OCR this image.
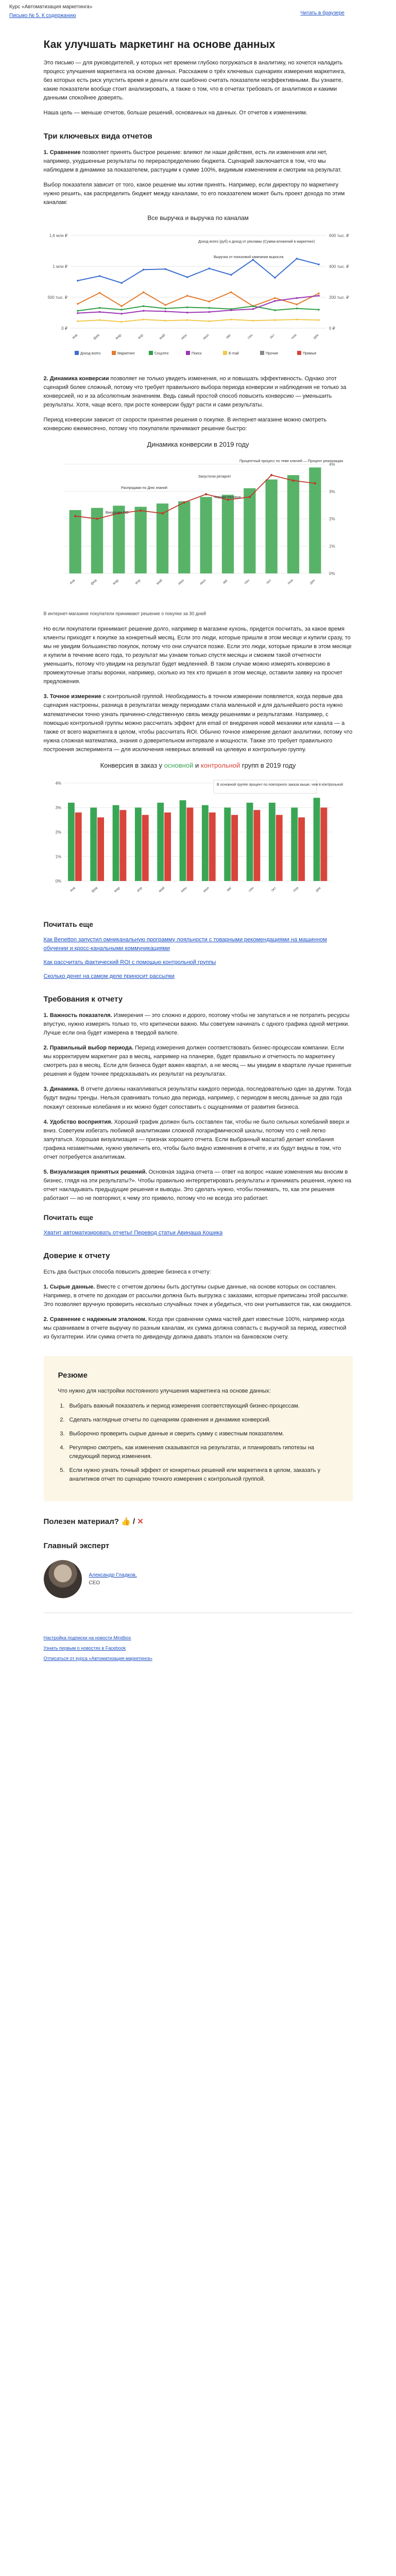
Курс «Автоматизация маркетинга»
Письмо № 5. К содержанию	Читать в браузере
Как улучшать маркетинг на основе данных

Это письмо — для руководителей, у которых нет времени глубоко погружаться в аналитику, но хочется наладить процесс улучшения маркетинга на основе данных. Расскажем о трёх ключевых сценариях измерения маркетинга, без которых есть риск упустить время и деньги или ошибочно считать показатели неэффективными. Вы узнаете, какие показатели вообще стоит анализировать, а также о том, что в отчетах требовать от аналитиков и какими данными спокойнее доверять.

Наша цель — меньше отчетов, больше решений, основанных на данных. От отчетов к изменениям.

Три ключевых вида отчетов

1. Сравнение позволяет принять быстрое решение: влияют ли наши действия, есть ли изменения или нет, например, ухудшенные результаты по перераспределению бюджета. Сценарий заключается в том, что мы наблюдаем в динамике за показателем, растущим к сумме 100%, видимым изменением и смотрим на результат.

Выбор показателя зависит от того, какое решение мы хотим принять. Например, если директору по маркетингу нужно решить, как распределить бюджет между каналами, то его показателем может быть проект дохода по этим каналам:

Все выручка и выручка по каналам
1,6 млн ₽	600 тыс. ₽
1 млн ₽	400 тыс. ₽
500 тыс. ₽	200 тыс. ₽
0 ₽	0 ₽
янв	фев	мар	апр	май	июн	июл	авг	сен	окт	ноя	дек
Доход всего (руб) и доход от рекламы (Сумма вложений в маркетинг)
Выручка от поисковой кампании выросла
Доход всего	Маркетинг	Соцсети	Поиск	E-mail	Прочие	Прямые

2. Динамика конверсии позволяет не только увидеть изменения, но и повышать эффективность. Однако этот сценарий более сложный, потому что требует правильного выбора периода конверсии и наблюдения не только за конверсией, но и за абсолютным значением. Ведь самый простой способ повысить конверсию — уменьшить результаты. Хотя, чаще всего, при росте конверсии будут расти и сами результаты.

Период конверсии зависит от скорости принятия решения о покупке. В интернет-магазине можно смотреть конверсию ежемесячно, потому что покупатели принимают решение быстро:

Динамика конверсии в 2019 году
4%
3%
2%
1%
0%
янв	фев	мар	апр	май	июн	июл	авг	сен	окт	ноя	дек
Распродажи по Дню знаний
Запустили ретаргет
Черная пятница
Внедрили ПО
Процентный процесс по теме ключей — Процент реализации
В интернет-магазине покупатели принимают решение о покупке за 30 дней

Но если покупатели принимают решение долго, например в магазине кухонь, придется посчитать, за какое время клиенты приходят к покупке за конкретный месяц. Если это люди, которые пришли в этом месяце и купили сразу, то мы не увидим большинство покупок, потому что они случатся позже. Если это люди, которые пришли в этом месяце и купили в течение всего года, то результат мы узнаем только спустя месяцы и сможем такой отчетности уменьшить, потому что увидим на результат будет медленней. В таком случае можно измерять конверсию в промежуточные этапы воронки, например, сколько из тех кто пришел в этом месяце, оставили заявку на просчет предложения.

3. Точное измерение с контрольной группой. Необходимость в точном измерении появляется, когда первые два сценария настроены, разница в результатах между периодами стала маленькой и для дальнейшего роста нужно математически точно узнать причинно-следственную связь между решениями и результатами. Например, с помощью контрольной группы можно рассчитать эффект для email от внедрения новой механики или канала — а также от всего маркетинга в целом, чтобы рассчитать ROI. Обычно точное измерение делают аналитики, потому что нужна сложная математика, знания о доверительном интервале и мощности. Также это требует правильного построения эксперимента — для исключения неверных влияний на целевую и контрольную группу.

Конверсия в заказ у основной и контрольной групп в 2019 году
4%
3%
2%
1%
0%
янв	фев	мар	апр	май	июн	июл	авг	сен	окт	ноя	дек
В основной группе процент по повторного заказа выше, чем в контрольной
Почитать еще
Как Benetton запустил омниканальную программу лояльности с товарными рекомендациями на машинном обучении и кросс-канальными коммуникациями
Как рассчитать фактический ROI с помощью контрольной группы
Сколько денег на самом деле приносит рассылки
Требования к отчету

1. Важность показателя. Измерения — это сложно и дорого, поэтому чтобы не запутаться и не потратить ресурсы впустую, нужно измерять только то, что критически важно. Мы советуем начинать с одного графика одной метрики. Лучше если она будет измерена в твердой валюте.

2. Правильный выбор периода. Период измерения должен соответствовать бизнес-процессам компании. Если мы корректируем маркетинг раз в месяц, например на планерке, будет правильно и отчетность по маркетингу смотреть раз в месяц. Если для бизнеса будет важен квартал, а не месяц — мы увидим в квартале лучше принятые решения и будем точнее предсказывать их результат на результатах.

3. Динамика. В отчете должны накапливаться результаты каждого периода, последовательно один за другим. Тогда будут видны тренды. Нельзя сравнивать только два периода, например, с периодом в месяц данные за два года покажут сезонные колебания и их можно будет сопоставить с ощущениями от развития бизнеса.

4. Удобство восприятия. Хороший график должен быть составлен так, чтобы не было сильных колебаний вверх и вниз. Советуем избегать любимой аналитиками сложной логарифмической шкалы, потому что с ней легко запутаться. Хорошая визуализация — признак хорошего отчета. Если выбранный масштаб делает колебания графика незаметными, нужно увеличить его, чтобы было видно изменения в отчете, и их будут видны в том, что отчет потребуется аналитикам.

5. Визуализация принятых решений. Основная задача отчета — ответ на вопрос «какие изменения мы вносим в бизнес, глядя на эти результаты?». Чтобы правильно интерпретировать результаты и принимать решения, нужно на отчет накладывать предыдущие решения и выводы. Это сделать нужно, чтобы понимать, то, как эти решения работают — но не повторяют, к чему это привело, потому что не всегда это работает.

Почитать еще

Хватит автоматизировать отчеты! Перевод статьи Авинаша Кошика

Доверие к отчету

Есть два быстрых способа повысить доверие бизнеса к отчету:

1. Сырые данные. Вместе с отчетом должны быть доступны сырые данные, на основе которых он составлен. Например, в отчете по доходам от рассылки должна быть выгрузка с заказами, которые приписаны этой рассылке. Это позволяет вручную проверить несколько случайных точек и убедиться, что они учитываются так, как ожидается.

2. Сравнение с надежным эталоном. Когда при сравнении сумма частей дает известные 100%, например когда мы сравниваем в отчете выручку по разным каналам, их сумма должна совпасть с выручкой за период, известной из бухгалтерии. Или сумма отчета по дивиденду должна давать эталон на банковском счету.

Резюме

Что нужно для настройки постоянного улучшения маркетинга на основе данных:

1. Выбрать важный показатель и период измерения соответствующий бизнес-процессам.
2. Сделать наглядные отчеты по сценариям сравнения и динамике конверсий.
3. Выборочно проверить сырые данные и сверить сумму с известным показателем.
4. Регулярно смотреть, как изменения сказываются на результатах, и планировать гипотезы на следующий период изменения.
5. Если нужно узнать точный эффект от конкретных решений или маркетинга в целом, заказать у аналитиков отчет по сценарию точного измерения с контрольной группой.
Полезен материал? 👍 / ✕
Главный эксперт
Александр Гладков,
CEO
Настройка подписки на новости Mindbox
Узнать первым о новостях в Facebook
Отписаться от курса «Автоматизация маркетинга»
